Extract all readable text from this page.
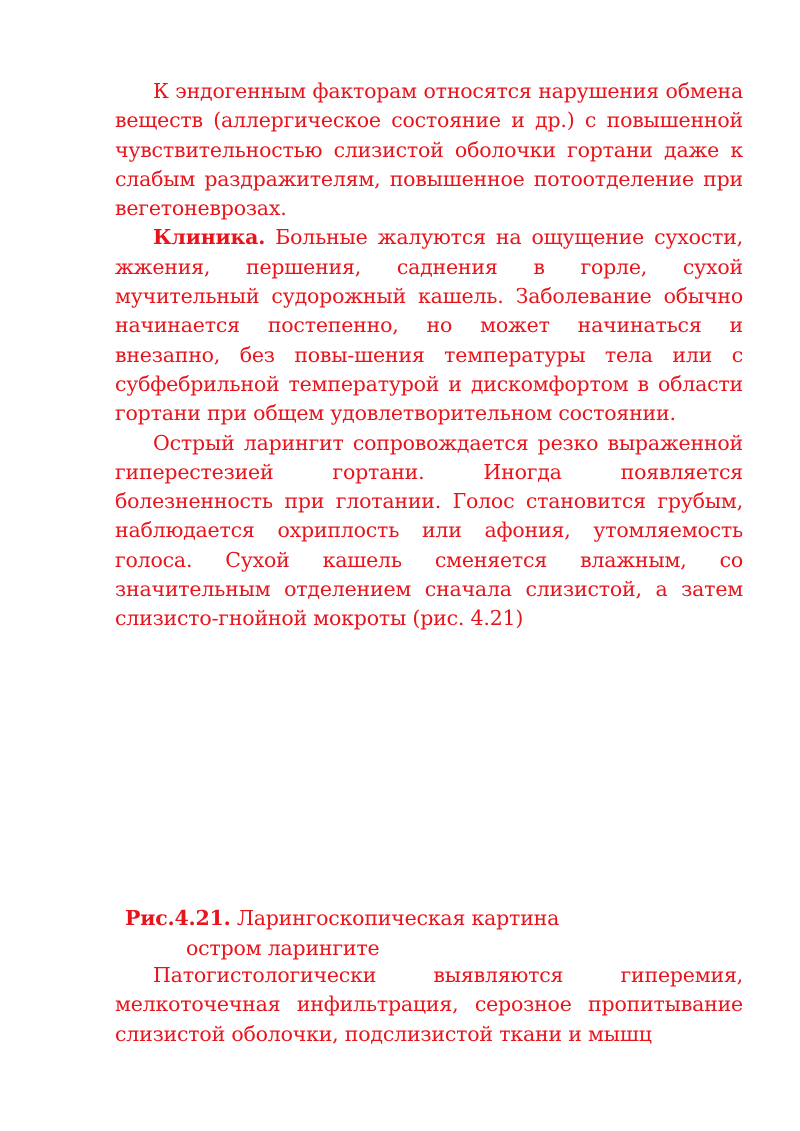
К эндогенным факторам относятся нарушения обмена веществ (аллергическое состояние и др.) с повышенной чувствительностью слизистой оболочки гортани даже к слабым раздражителям, повышенное потоотделение при вегетоневрозах.

Клиника. Больные жалуются на ощущение сухости, жжения, першения, саднения в горле, сухой мучительный судорожный кашель. Заболевание обычно начинается постепенно, но может начинаться и внезапно, без повы-шения температуры тела или с субфебрильной температурой и дискомфортом в области гортани при общем удовлетворительном состоянии.

Острый ларингит сопровождается резко выраженной гиперестезией гортани. Иногда появляется болезненность при глотании. Голос становится грубым, наблюдается охриплость или афония, утомляемость голоса. Сухой кашель сменяется влажным, со значительным отделением сначала слизистой, а затем слизисто-гнойной мокроты (рис. 4.21)

Рис.4.21. Ларингоскопическая картина
остром ларингите

Патогистологически выявляются гиперемия, мелкоточечная инфильтрация, серозное пропитывание слизистой оболочки, подслизистой ткани и мышц
